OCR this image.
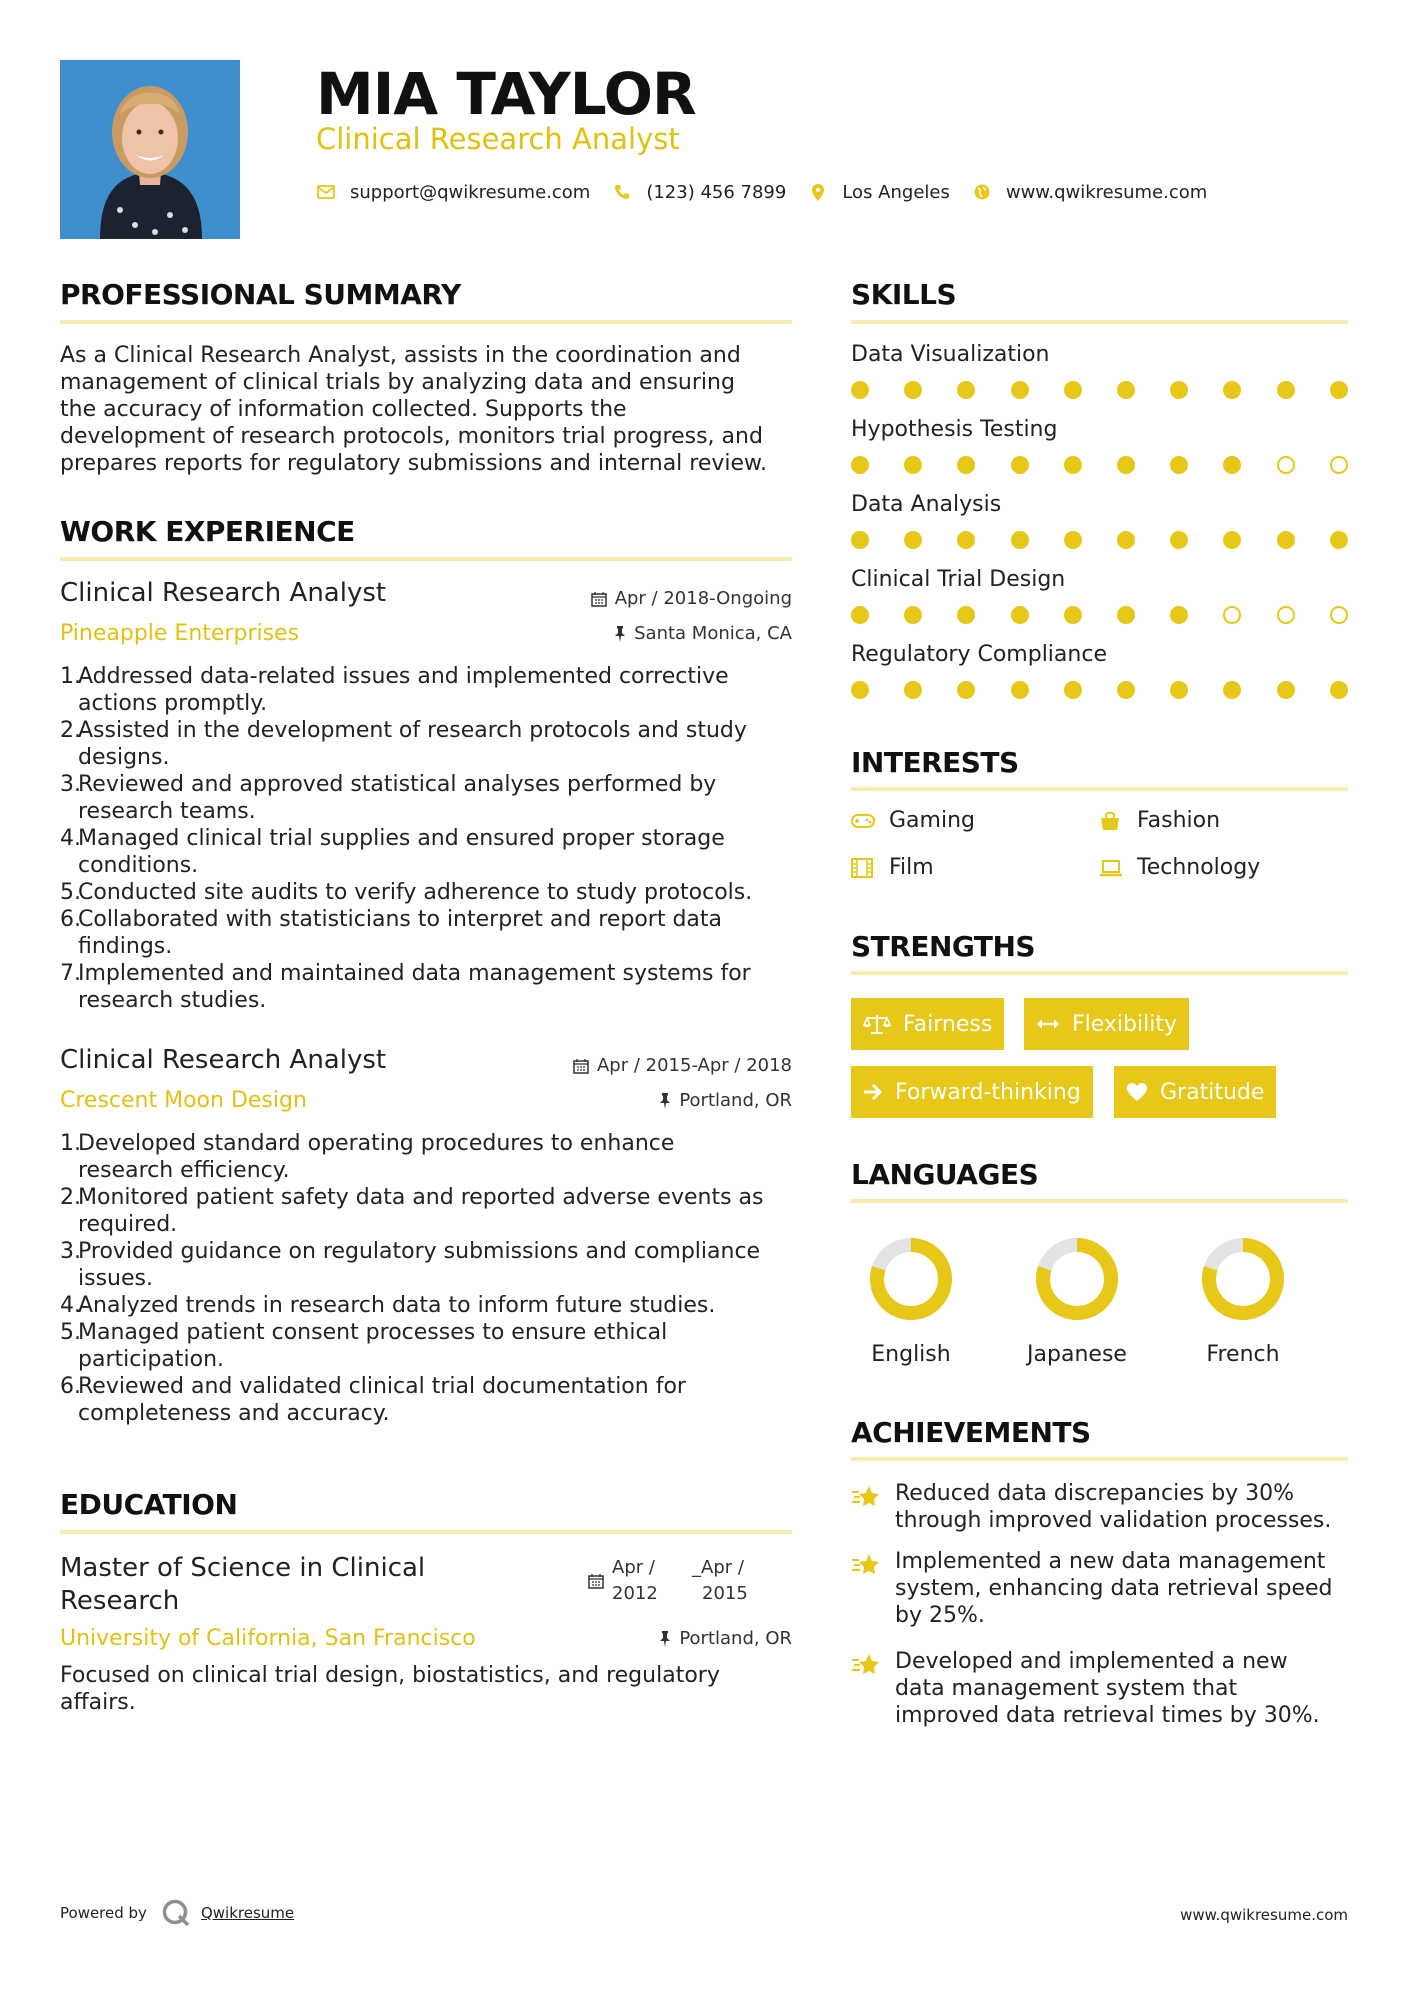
MIA TAYLOR
Clinical Research Analyst
support@qwikresume.com	(123) 456 7899	Los Angeles	www.qwikresume.com
PROFESSIONAL SUMMARY
As a Clinical Research Analyst, assists in the coordination and
management of clinical trials by analyzing data and ensuring
the accuracy of information collected. Supports the
development of research protocols, monitors trial progress, and
prepares reports for regulatory submissions and internal review.
WORK EXPERIENCE
Clinical Research Analyst	Apr / 2018-Ongoing
Pineapple Enterprises	Santa Monica, CA
1.
Addressed data-related issues and implemented corrective
actions promptly.
2.
Assisted in the development of research protocols and study
designs.
3.
Reviewed and approved statistical analyses performed by
research teams.
4.
Managed clinical trial supplies and ensured proper storage
conditions.
5.
Conducted site audits to verify adherence to study protocols.
6.
Collaborated with statisticians to interpret and report data
findings.
7.
Implemented and maintained data management systems for
research studies.
Clinical Research Analyst	Apr / 2015-Apr / 2018
Crescent Moon Design	Portland, OR
1.
Developed standard operating procedures to enhance
research efficiency.
2.
Monitored patient safety data and reported adverse events as
required.
3.
Provided guidance on regulatory submissions and compliance
issues.
4.
Analyzed trends in research data to inform future studies.
5.
Managed patient consent processes to ensure ethical
participation.
6.
Reviewed and validated clinical trial documentation for
completeness and accuracy.
EDUCATION
Master of Science in Clinical
Research
Apr /
2012
_Apr /
2015
University of California, San Francisco	Portland, OR
Focused on clinical trial design, biostatistics, and regulatory
affairs.
SKILLS
Data Visualization
Hypothesis Testing
Data Analysis
Clinical Trial Design
Regulatory Compliance
INTERESTS
Gaming	Fashion
Film	Technology
STRENGTHS
Fairness	Flexibility
Forward-thinking	Gratitude
LANGUAGES
English	Japanese	French
ACHIEVEMENTS
Reduced data discrepancies by 30%
through improved validation processes.
Implemented a new data management
system, enhancing data retrieval speed
by 25%.
Developed and implemented a new
data management system that
improved data retrieval times by 30%.
Powered by	Qwikresume	www.qwikresume.com
